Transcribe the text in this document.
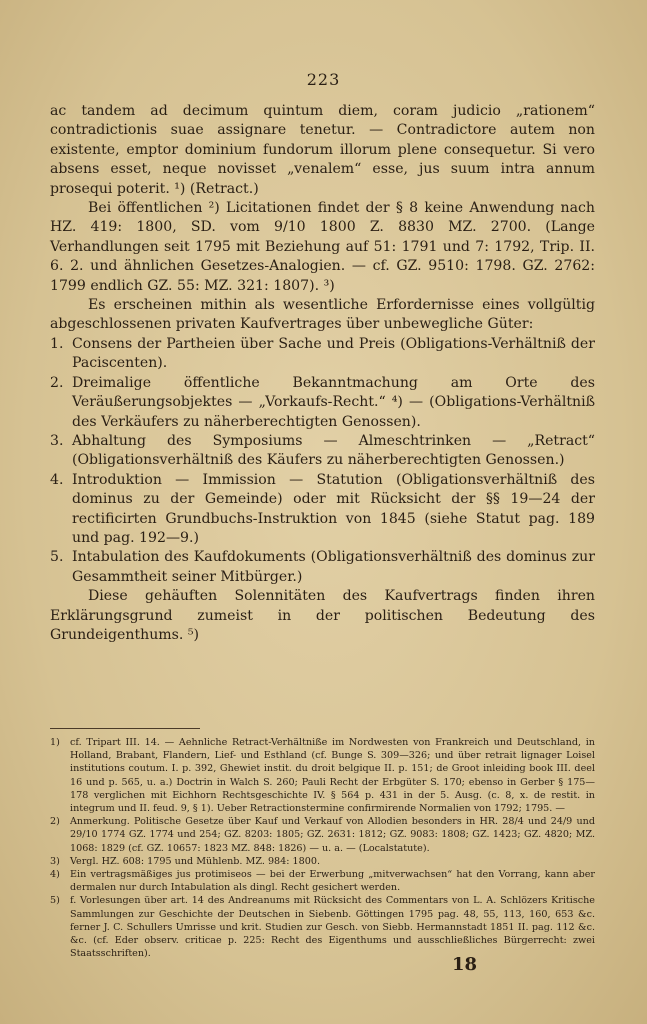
223

ac tandem ad decimum quintum diem, coram judicio „rationem“ contradictionis suae assignare tenetur. — Contradictore autem non existente, emptor dominium fundorum illorum plene consequetur. Si vero absens esset, neque novisset „venalem“ esse, jus suum intra annum prosequi poterit. ¹) (Retract.)

Bei öffentlichen ²) Licitationen findet der § 8 keine Anwendung nach HZ. 419: 1800, SD. vom 9/10 1800 Z. 8830 MZ. 2700. (Lange Verhandlungen seit 1795 mit Beziehung auf 51: 1791 und 7: 1792, Trip. II. 6. 2. und ähnlichen Gesetzes-Analogien. — cf. GZ. 9510: 1798. GZ. 2762: 1799 endlich GZ. 55: MZ. 321: 1807). ³)

Es erscheinen mithin als wesentliche Erfordernisse eines vollgültig abgeschlossenen privaten Kaufvertrages über unbewegliche Güter:

1. Consens der Partheien über Sache und Preis (Obligations-Verhältniß der Paciscenten).

2. Dreimalige öffentliche Bekanntmachung am Orte des Veräußerungsobjektes — „Vorkaufs-Recht.“ ⁴) — (Obligations-Verhältniß des Verkäufers zu näherberechtigten Genossen).

3. Abhaltung des Symposiums — Almeschtrinken — „Retract“ (Obligationsverhältniß des Käufers zu näherberechtigten Genossen.)

4. Introduktion — Immission — Statution (Obligationsverhältniß des dominus zu der Gemeinde) oder mit Rücksicht der §§ 19—24 der rectificirten Grundbuchs-Instruktion von 1845 (siehe Statut pag. 189 und pag. 192—9.)

5. Intabulation des Kaufdokuments (Obligationsverhältniß des dominus zur Gesammtheit seiner Mitbürger.)

Diese gehäuften Solennitäten des Kaufvertrags finden ihren Erklärungsgrund zumeist in der politischen Bedeutung des Grundeigenthums. ⁵)

1) cf. Tripart III. 14. — Aehnliche Retract-Verhältniße im Nordwesten von Frankreich und Deutschland, in Holland, Brabant, Flandern, Lief- und Esthland (cf. Bunge S. 309—326; und über retrait lignager Loisel institutions coutum. I. p. 392, Ghewiet instit. du droit belgique II. p. 151; de Groot inleiding book III. deel 16 und p. 565, u. a.) Doctrin in Walch S. 260; Pauli Recht der Erbgüter S. 170; ebenso in Gerber § 175—178 verglichen mit Eichhorn Rechtsgeschichte IV. § 564 p. 431 in der 5. Ausg. (c. 8, x. de restit. in integrum und II. feud. 9, § 1). Ueber Retractionstermine confirmirende Normalien von 1792; 1795. —

2) Anmerkung. Politische Gesetze über Kauf und Verkauf von Allodien besonders in HR. 28/4 und 24/9 und 29/10 1774 GZ. 1774 und 254; GZ. 8203: 1805; GZ. 2631: 1812; GZ. 9083: 1808; GZ. 1423; GZ. 4820; MZ. 1068: 1829 (cf. GZ. 10657: 1823 MZ. 848: 1826) — u. a. — (Localstatute).

3) Vergl. HZ. 608: 1795 und Mühlenb. MZ. 984: 1800.

4) Ein vertragsmäßiges jus protimiseos — bei der Erwerbung „mitverwachsen“ hat den Vorrang, kann aber dermalen nur durch Intabulation als dingl. Recht gesichert werden.

5) f. Vorlesungen über art. 14 des Andreanums mit Rücksicht des Commentars von L. A. Schlözers Kritische Sammlungen zur Geschichte der Deutschen in Siebenb. Göttingen 1795 pag. 48, 55, 113, 160, 653 &c. ferner J. C. Schullers Umrisse und krit. Studien zur Gesch. von Siebb. Hermannstadt 1851 II. pag. 112 &c. &c. (cf. Eder observ. criticae p. 225: Recht des Eigenthums und ausschließliches Bürgerrecht: zwei Staatsschriften).

18
